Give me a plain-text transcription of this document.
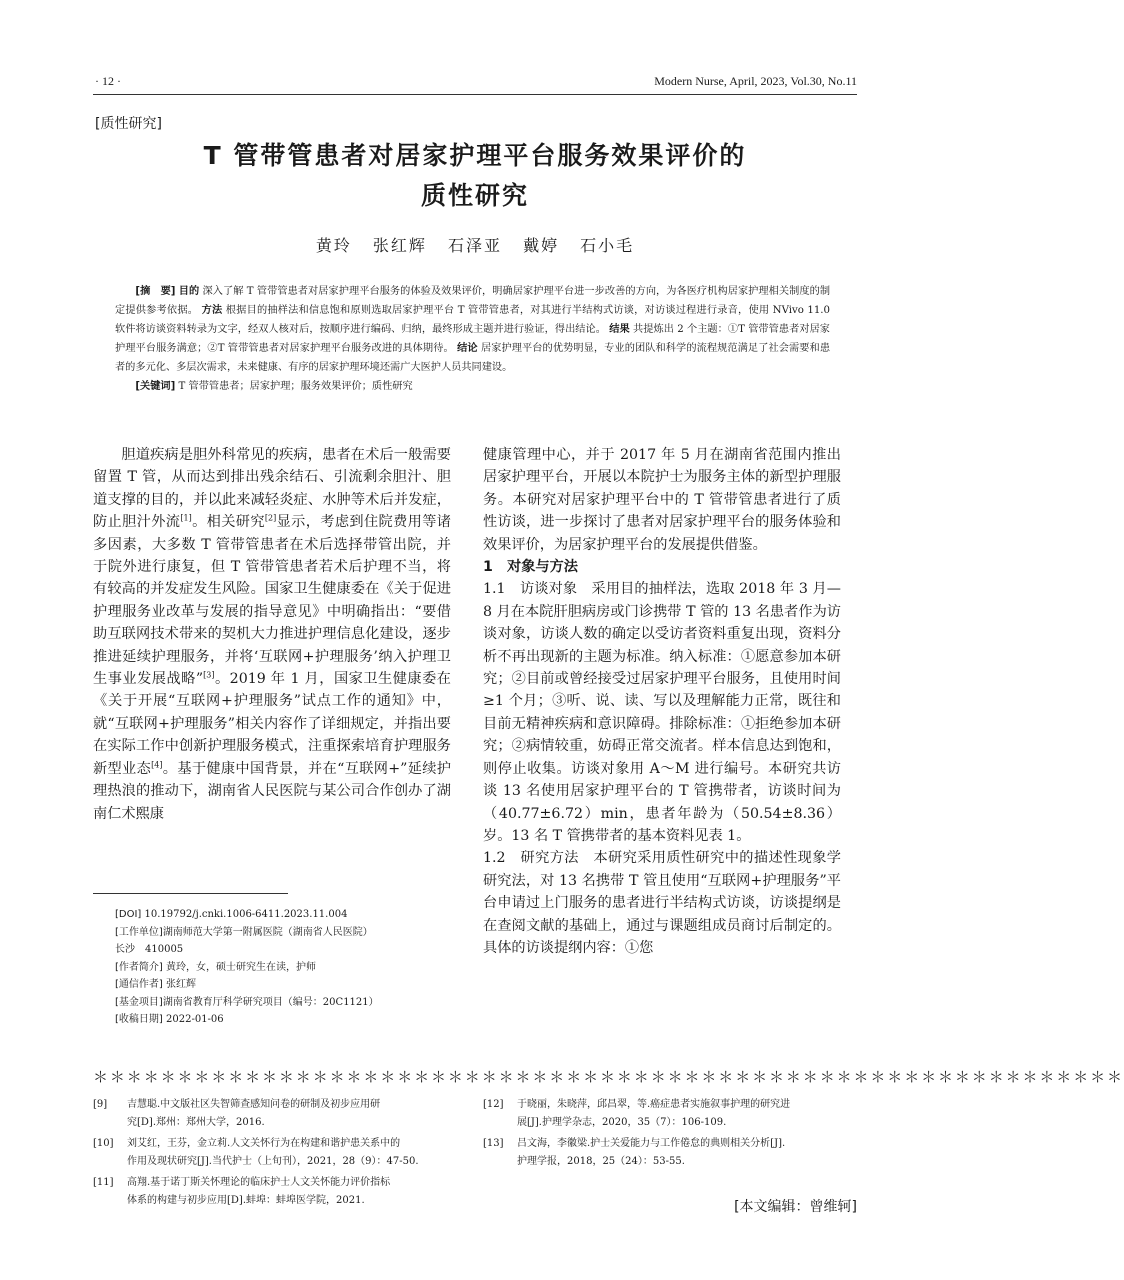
· 12 ·	Modern Nurse, April, 2023, Vol.30, No.11
[质性研究]
T 管带管患者对居家护理平台服务效果评价的
质性研究
黄玲 张红辉 石泽亚 戴婷 石小毛
[摘　要] 目的 深入了解 T 管带管患者对居家护理平台服务的体验及效果评价，明确居家护理平台进一步改善的方向，为各医疗机构居家护理相关制度的制定提供参考依据。 方法 根据目的抽样法和信息饱和原则选取居家护理平台 T 管带管患者，对其进行半结构式访谈，对访谈过程进行录音，使用 NVivo 11.0 软件将访谈资料转录为文字，经双人核对后，按顺序进行编码、归纳，最终形成主题并进行验证，得出结论。 结果 共提炼出 2 个主题：①T 管带管患者对居家护理平台服务满意；②T 管带管患者对居家护理平台服务改进的具体期待。 结论 居家护理平台的优势明显，专业的团队和科学的流程规范满足了社会需要和患者的多元化、多层次需求，未来健康、有序的居家护理环境还需广大医护人员共同建设。
[关键词] T 管带管患者；居家护理；服务效果评价；质性研究

胆道疾病是胆外科常见的疾病，患者在术后一般需要留置 T 管，从而达到排出残余结石、引流剩余胆汁、胆道支撑的目的，并以此来减轻炎症、水肿等术后并发症，防止胆汁外流[1]。相关研究[2]显示，考虑到住院费用等诸多因素，大多数 T 管带管患者在术后选择带管出院，并于院外进行康复，但 T 管带管患者若术后护理不当，将有较高的并发症发生风险。国家卫生健康委在《关于促进护理服务业改革与发展的指导意见》中明确指出：“要借助互联网技术带来的契机大力推进护理信息化建设，逐步推进延续护理服务，并将‘互联网+护理服务’纳入护理卫生事业发展战略”[3]。2019 年 1 月，国家卫生健康委在《关于开展“互联网+护理服务”试点工作的通知》中，就“互联网+护理服务”相关内容作了详细规定，并指出要在实际工作中创新护理服务模式，注重探索培育护理服务新型业态[4]。基于健康中国背景，并在“互联网+”延续护理热浪的推动下，湖南省人民医院与某公司合作创办了湖南仁术熙康

[DOI] 10.19792/j.cnki.1006-6411.2023.11.004
[工作单位]湖南师范大学第一附属医院（湖南省人民医院）
长沙　410005
[作者简介] 黄玲，女，硕士研究生在读，护师
[通信作者] 张红辉
[基金项目]湖南省教育厅科学研究项目（编号：20C1121）
[收稿日期] 2022-01-06

健康管理中心，并于 2017 年 5 月在湖南省范围内推出居家护理平台，开展以本院护士为服务主体的新型护理服务。本研究对居家护理平台中的 T 管带管患者进行了质性访谈，进一步探讨了患者对居家护理平台的服务体验和效果评价，为居家护理平台的发展提供借鉴。

1　对象与方法

1.1　访谈对象　 采用目的抽样法，选取 2018 年 3 月—8 月在本院肝胆病房或门诊携带 T 管的 13 名患者作为访谈对象，访谈人数的确定以受访者资料重复出现，资料分析不再出现新的主题为标准。纳入标准：①愿意参加本研究；②目前或曾经接受过居家护理平台服务，且使用时间≥1 个月；③听、说、读、写以及理解能力正常，既往和目前无精神疾病和意识障碍。排除标准：①拒绝参加本研究；②病情较重，妨碍正常交流者。样本信息达到饱和，则停止收集。访谈对象用 A～M 进行编号。本研究共访谈 13 名使用居家护理平台的 T 管携带者，访谈时间为（40.77±6.72）min，患者年龄为（50.54±8.36）岁。13 名 T 管携带者的基本资料见表 1。

1.2　研究方法　 本研究采用质性研究中的描述性现象学研究法，对 13 名携带 T 管且使用“互联网+护理服务”平台申请过上门服务的患者进行半结构式访谈，访谈提纲是在查阅文献的基础上，通过与课题组成员商讨后制定的。具体的访谈提纲内容：①您

＊＊＊＊＊＊＊＊＊＊＊＊＊＊＊＊＊＊＊＊＊＊＊＊＊＊＊＊＊＊＊＊＊＊＊＊＊＊＊＊＊＊＊＊＊＊＊＊＊＊＊＊＊＊＊＊＊＊＊＊＊
[9] 吉慧聪.中文版社区失智筛查感知问卷的研制及初步应用研
究[D].郑州：郑州大学，2016.
[10] 刘艾红，王芬，金立莉.人文关怀行为在构建和谐护患关系中的
作用及现状研究[J].当代护士（上旬刊），2021，28（9）：47-50.
[11] 高翔.基于诺丁斯关怀理论的临床护士人文关怀能力评价指标
体系的构建与初步应用[D].蚌埠：蚌埠医学院，2021.
[12] 于晓丽，朱晓萍，邱昌翠，等.癌症患者实施叙事护理的研究进
展[J].护理学杂志，2020，35（7）：106-109.
[13] 吕文海，李徽梁.护士关爱能力与工作倦怠的典则相关分析[J].
护理学报，2018，25（24）：53-55.
[本文编辑：曾维轲]
